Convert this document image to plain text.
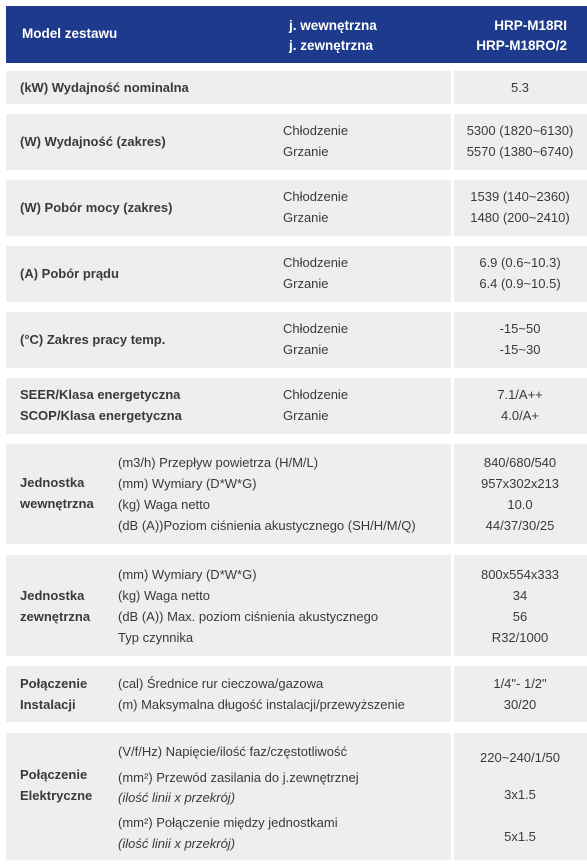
Model zestawu
j. wewnętrzna
j. zewnętrzna
HRP-M18RI
HRP-M18RO/2
(kW) Wydajność nominalna	5.3
(W) Wydajność (zakres)
Chłodzenie
Grzanie
5300 (1820~6130)
5570 (1380~6740)
(W) Pobór mocy (zakres)
Chłodzenie
Grzanie
1539 (140~2360)
1480 (200~2410)
(A) Pobór prądu
Chłodzenie
Grzanie
6.9 (0.6~10.3)
6.4 (0.9~10.5)
(°C) Zakres pracy temp.
Chłodzenie
Grzanie
-15~50
-15~30
SEER/Klasa energetyczna
SCOP/Klasa energetyczna
Chłodzenie
Grzanie
7.1/A++
4.0/A+
Jednostka
wewnętrzna
(m3/h) Przepływ powietrza (H/M/L)
(mm) Wymiary (D*W*G)
(kg) Waga netto
(dB (A))Poziom ciśnienia akustycznego (SH/H/M/Q)
840/680/540
957x302x213
10.0
44/37/30/25
Jednostka
zewnętrzna
(mm) Wymiary (D*W*G)
(kg) Waga netto
(dB (A)) Max. poziom ciśnienia akustycznego
Typ czynnika
800x554x333
34
56
R32/1000
Połączenie
Instalacji
(cal) Średnice rur cieczowa/gazowa
(m) Maksymalna długość instalacji/przewyższenie
1/4"- 1/2"
30/20
Połączenie
Elektryczne
(V/f/Hz) Napięcie/ilość faz/częstotliwość
(mm²) Przewód zasilania do j.zewnętrznej
(ilość linii x przekrój)
(mm²) Połączenie między jednostkami
(ilość linii x przekrój)
220~240/1/50
3x1.5
5x1.5
